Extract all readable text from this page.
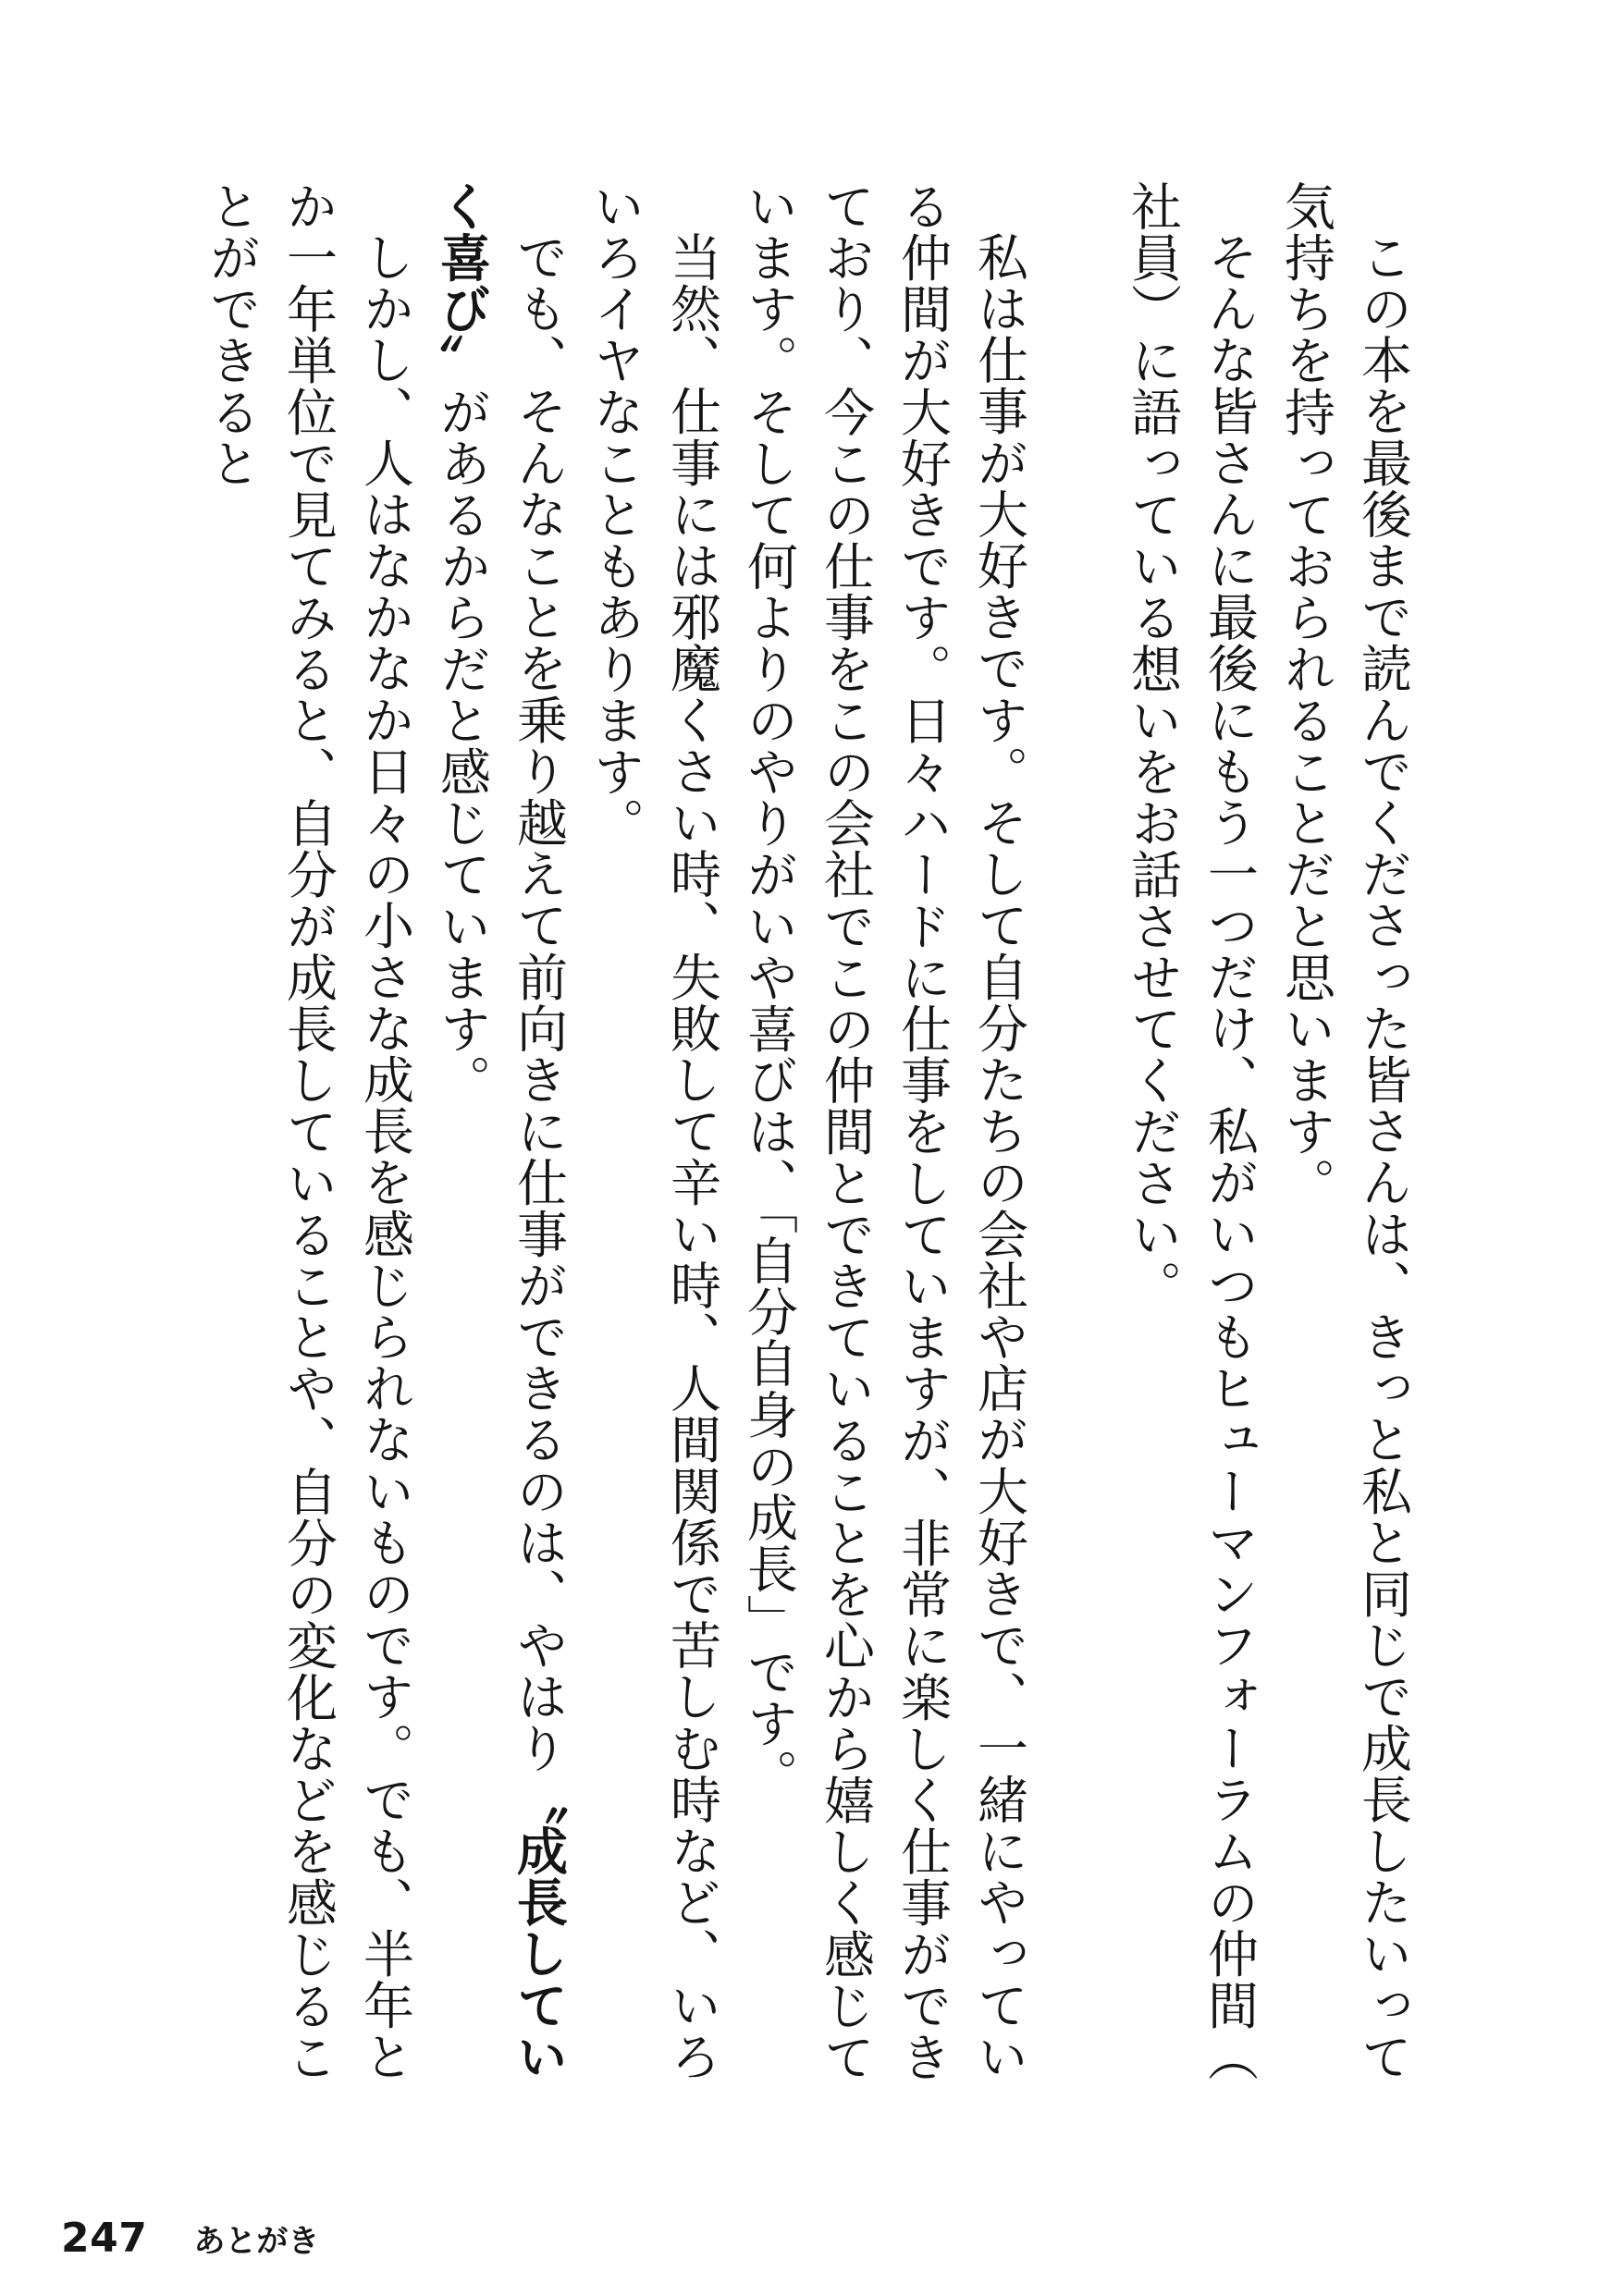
この本を最後まで読んでくださった皆さんは、きっと私と同じで成長したいって気持ちを持っておられることだと思います。

そんな皆さんに最後にもう一つだけ、私がいつもヒューマンフォーラムの仲間（社員）に語っている想いをお話させてください。

私は仕事が大好きです。そして自分たちの会社や店が大好きで、一緒にやっている仲間が大好きです。日々ハードに仕事をしていますが、非常に楽しく仕事ができており、今この仕事をこの会社でこの仲間とできていることを心から嬉しく感じています。そして何よりのやりがいや喜びは、「自分自身の成長」です。

当然、仕事には邪魔くさい時、失敗して辛い時、人間関係で苦しむ時など、いろいろイヤなこともあります。

でも、そんなことを乗り越えて前向きに仕事ができるのは、やはり〝成長していく喜び〟があるからだと感じています。

しかし、人はなかなか日々の小さな成長を感じられないものです。でも、半年とか一年単位で見てみると、自分が成長していることや、自分の変化などを感じることができると

247 あとがき
